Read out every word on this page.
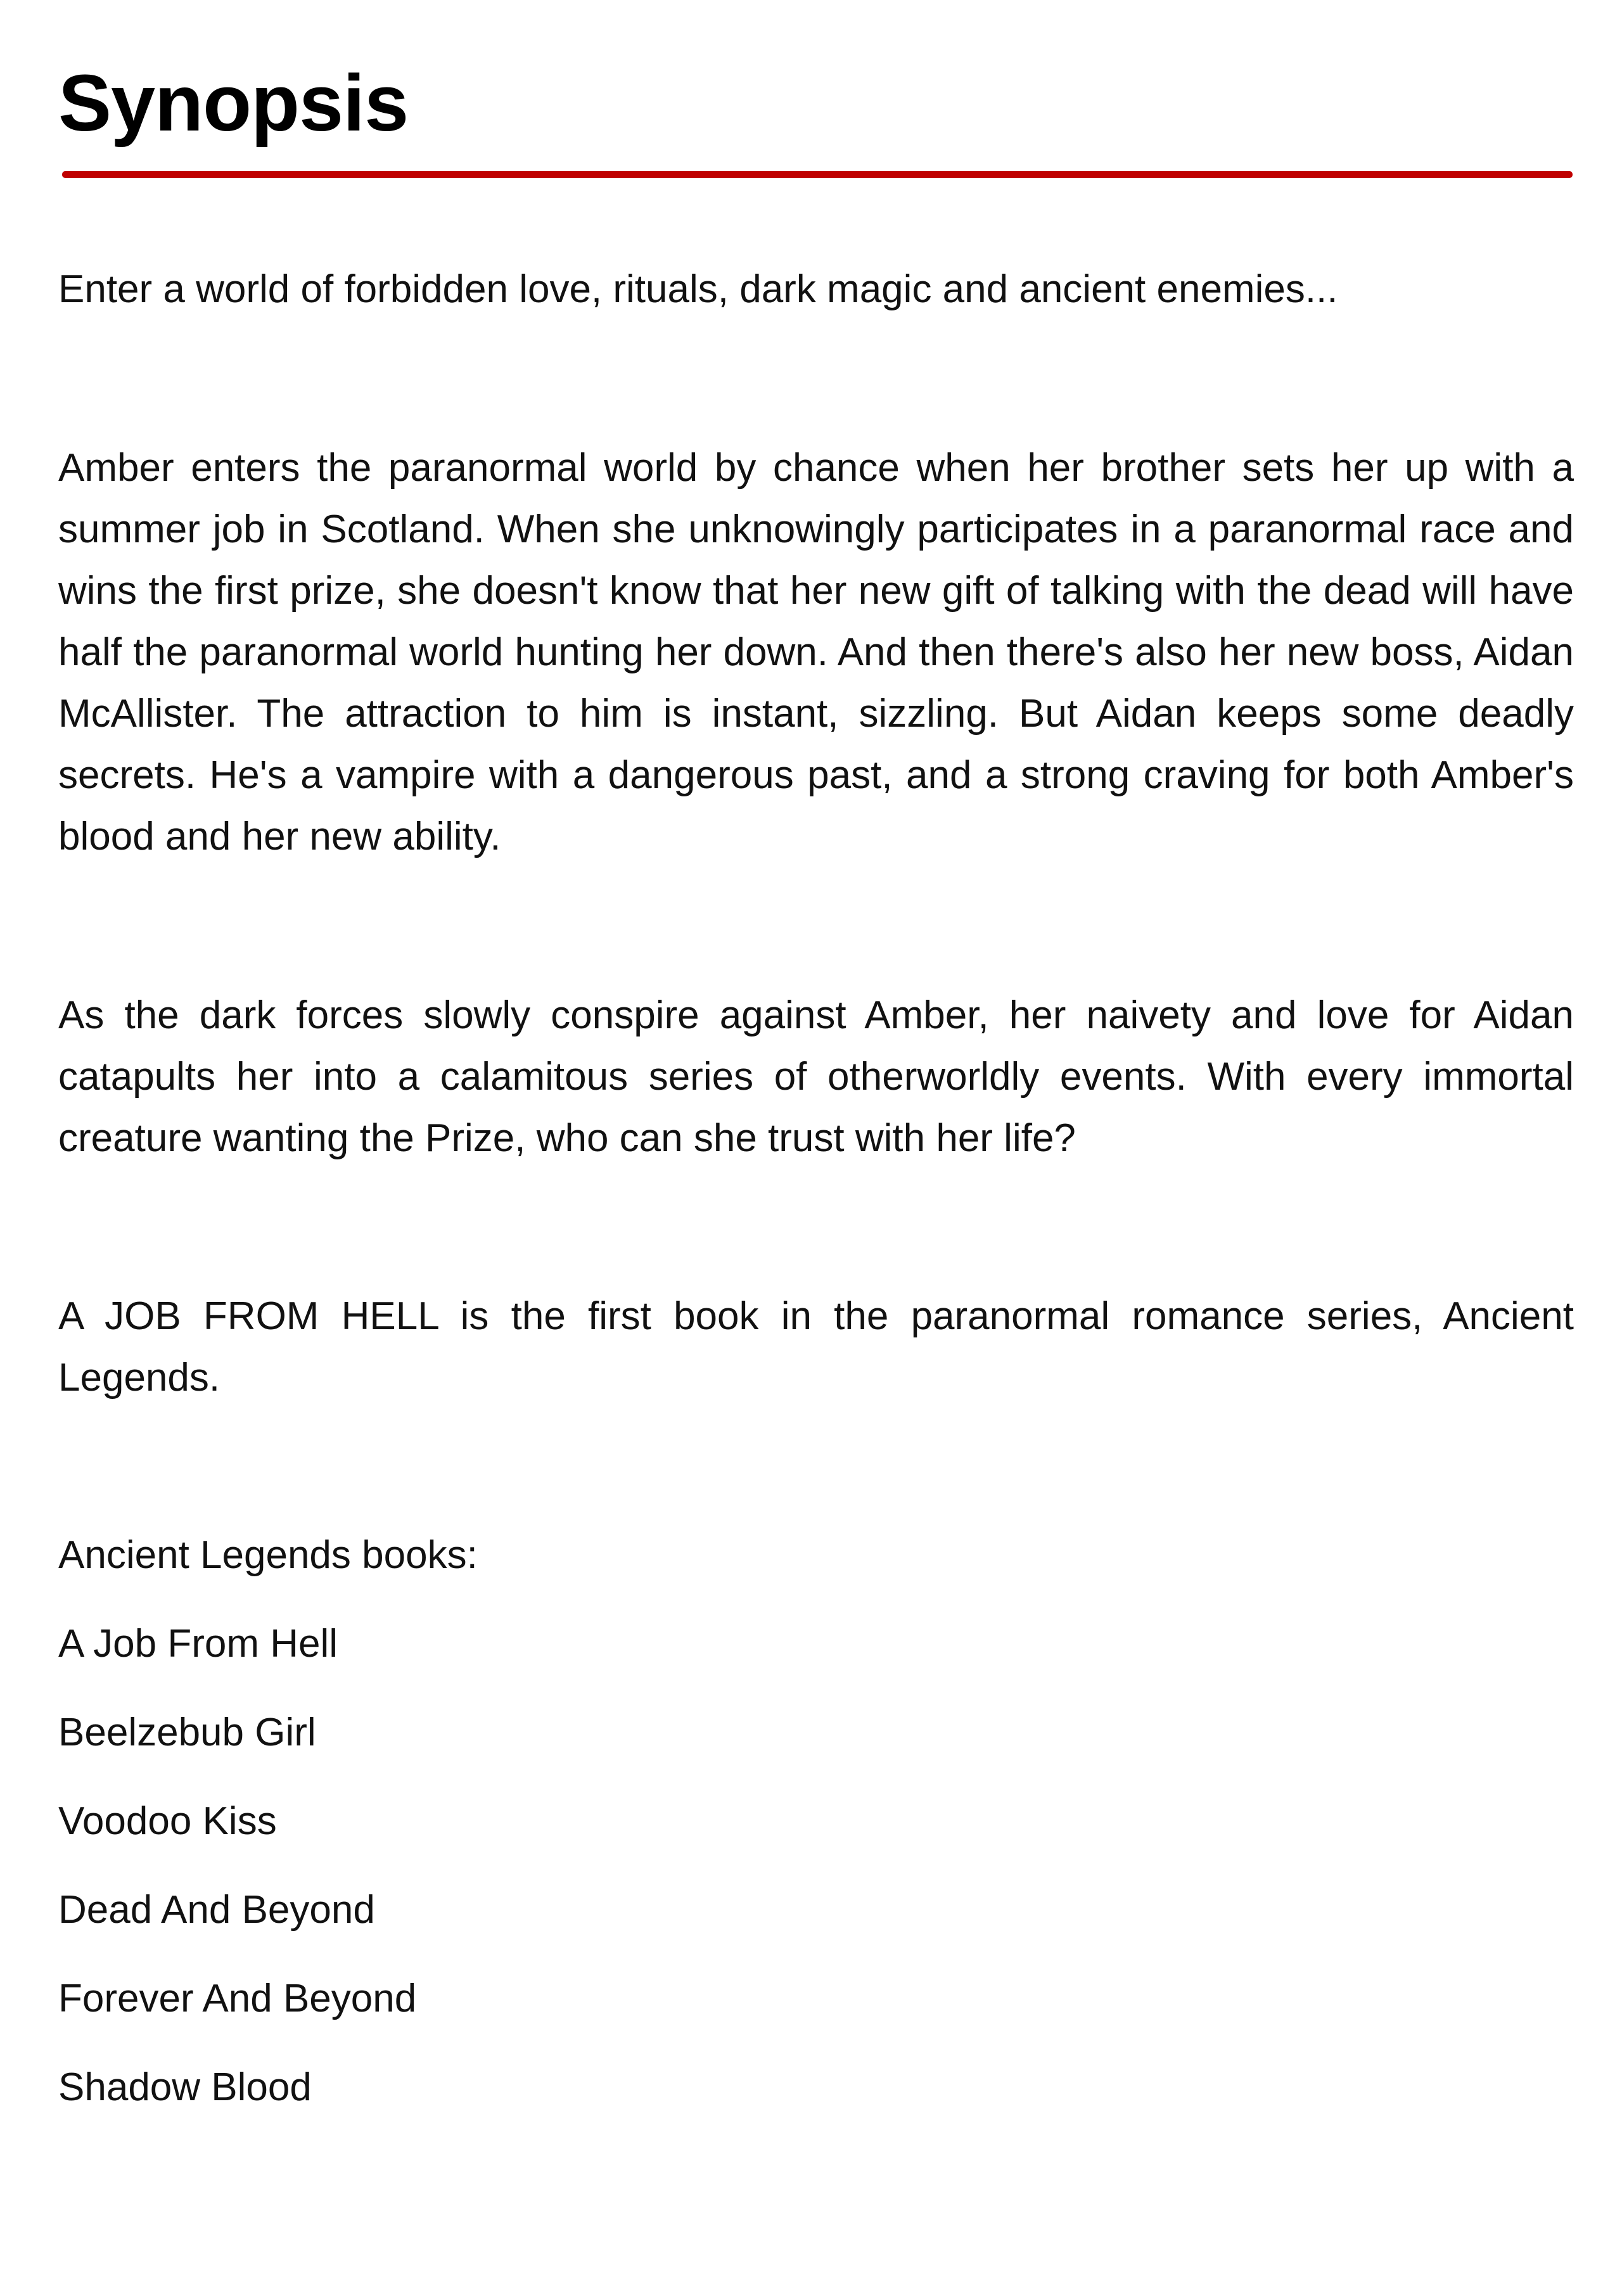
Synopsis

Enter a world of forbidden love, rituals, dark magic and ancient enemies...

Amber enters the paranormal world by chance when her brother sets her up with a summer job in Scotland. When she unknowingly participates in a paranormal race and wins the first prize, she doesn't know that her new gift of talking with the dead will have half the paranormal world hunting her down. And then there's also her new boss, Aidan McAllister. The attraction to him is instant, sizzling. But Aidan keeps some deadly secrets. He's a vampire with a dangerous past, and a strong craving for both Amber's blood and her new ability.

As the dark forces slowly conspire against Amber, her naivety and love for Aidan catapults her into a calamitous series of otherworldly events. With every immortal creature wanting the Prize, who can she trust with her life?

A JOB FROM HELL is the first book in the paranormal romance series, Ancient Legends.

Ancient Legends books:

A Job From Hell
Beelzebub Girl
Voodoo Kiss
Dead And Beyond
Forever And Beyond
Shadow Blood
